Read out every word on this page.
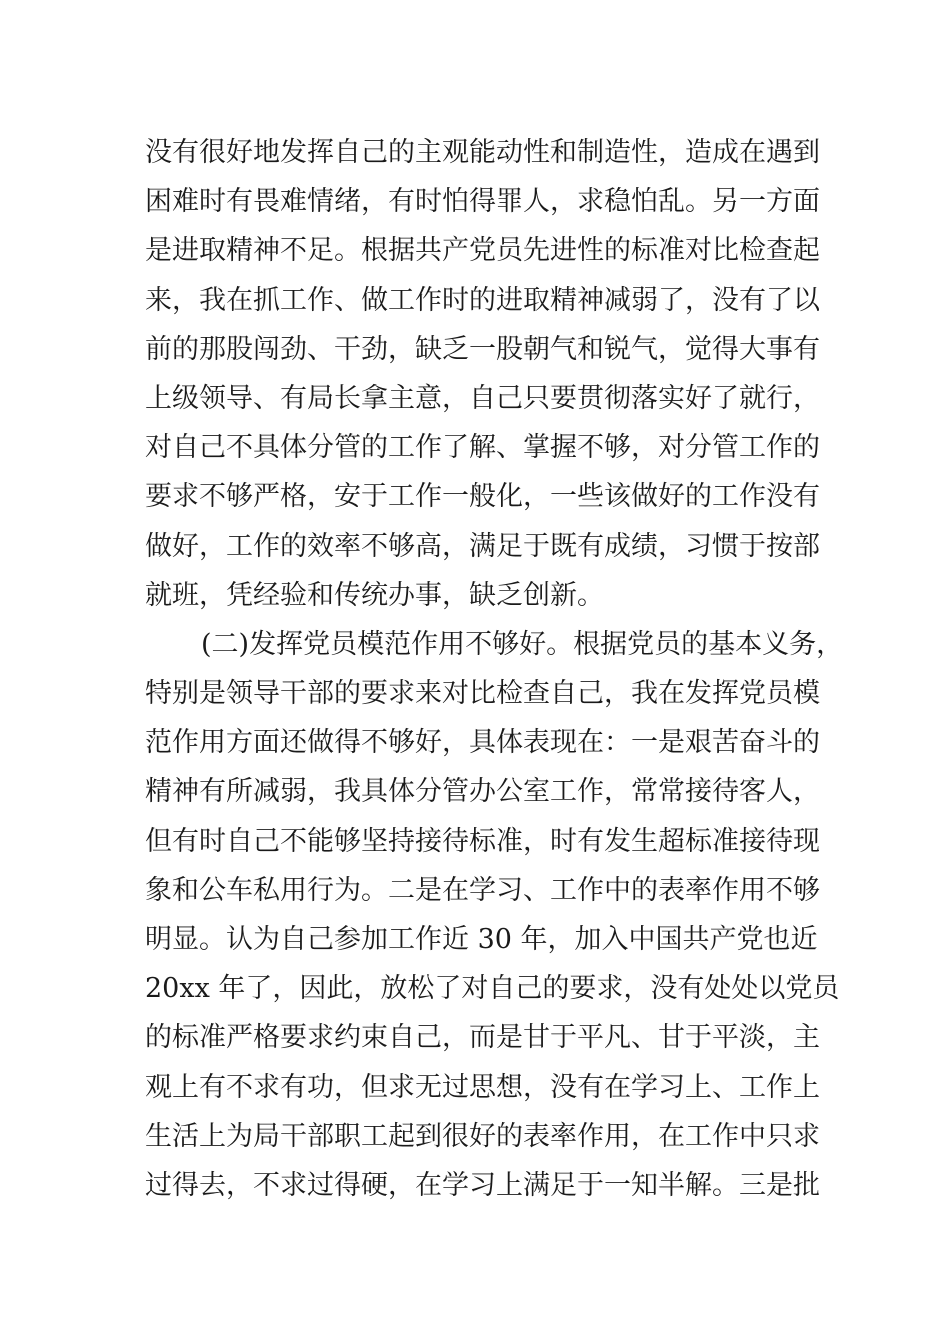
没有很好地发挥自己的主观能动性和制造性，造成在遇到
困难时有畏难情绪，有时怕得罪人，求稳怕乱。另一方面
是进取精神不足。根据共产党员先进性的标准对比检查起
来，我在抓工作、做工作时的进取精神减弱了，没有了以
前的那股闯劲、干劲，缺乏一股朝气和锐气，觉得大事有
上级领导、有局长拿主意，自己只要贯彻落实好了就行，
对自己不具体分管的工作了解、掌握不够，对分管工作的
要求不够严格，安于工作一般化，一些该做好的工作没有
做好，工作的效率不够高，满足于既有成绩，习惯于按部
就班，凭经验和传统办事，缺乏创新。
(二)发挥党员模范作用不够好。根据党员的基本义务，
特别是领导干部的要求来对比检查自己，我在发挥党员模
范作用方面还做得不够好，具体表现在：一是艰苦奋斗的
精神有所减弱，我具体分管办公室工作，常常接待客人，
但有时自己不能够坚持接待标准，时有发生超标准接待现
象和公车私用行为。二是在学习、工作中的表率作用不够
明显。认为自己参加工作近 30 年，加入中国共产党也近
20xx 年了，因此，放松了对自己的要求，没有处处以党员
的标准严格要求约束自己，而是甘于平凡、甘于平淡，主
观上有不求有功，但求无过思想，没有在学习上、工作上
生活上为局干部职工起到很好的表率作用，在工作中只求
过得去，不求过得硬，在学习上满足于一知半解。三是批
